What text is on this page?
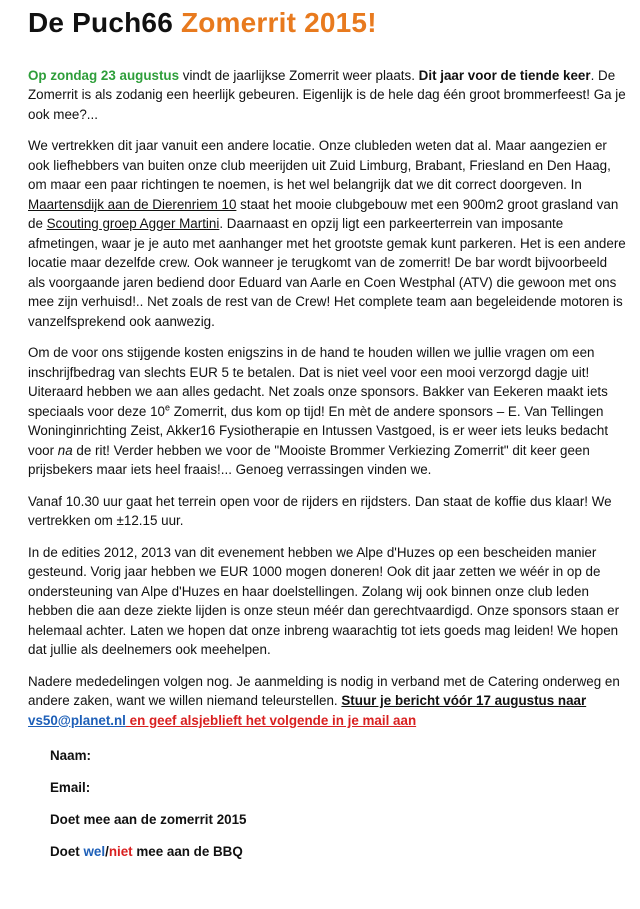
De Puch66 Zomerrit 2015!

Op zondag 23 augustus vindt de jaarlijkse Zomerrit weer plaats. Dit jaar voor de tiende keer. De Zomerrit is als zodanig een heerlijk gebeuren. Eigenlijk is de hele dag één groot brommerfeest! Ga je ook mee?...

We vertrekken dit jaar vanuit een andere locatie. Onze clubleden weten dat al. Maar aangezien er ook liefhebbers van buiten onze club meerijden uit Zuid Limburg, Brabant, Friesland en Den Haag, om maar een paar richtingen te noemen, is het wel belangrijk dat we dit correct doorgeven. In Maartensdijk aan de Dierenriem 10 staat het mooie clubgebouw met een 900m2 groot grasland van de Scouting groep Agger Martini. Daarnaast en opzij ligt een parkeerterrein van imposante afmetingen, waar je je auto met aanhanger met het grootste gemak kunt parkeren. Het is een andere locatie maar dezelfde crew. Ook wanneer je terugkomt van de zomerrit! De bar wordt bijvoorbeeld als voorgaande jaren bediend door Eduard van Aarle en Coen Westphal (ATV) die gewoon met ons mee zijn verhuisd!.. Net zoals de rest van de Crew! Het complete team aan begeleidende motoren is vanzelfsprekend ook aanwezig.

Om de voor ons stijgende kosten enigszins in de hand te houden willen we jullie vragen om een inschrijfbedrag van slechts EUR 5 te betalen. Dat is niet veel voor een mooi verzorgd dagje uit! Uiteraard hebben we aan alles gedacht. Net zoals onze sponsors. Bakker van Eekeren maakt iets speciaals voor deze 10e Zomerrit, dus kom op tijd! En mèt de andere sponsors – E. Van Tellingen Woninginrichting Zeist, Akker16 Fysiotherapie en Intussen Vastgoed, is er weer iets leuks bedacht voor na de rit! Verder hebben we voor de "Mooiste Brommer Verkiezing Zomerrit" dit keer geen prijsbekers maar iets heel fraais!... Genoeg verrassingen vinden we.

Vanaf 10.30 uur gaat het terrein open voor de rijders en rijdsters. Dan staat de koffie dus klaar! We vertrekken om ±12.15 uur.

In de edities 2012, 2013 van dit evenement hebben we Alpe d'Huzes op een bescheiden manier gesteund. Vorig jaar hebben we EUR 1000 mogen doneren! Ook dit jaar zetten we wéér in op de ondersteuning van Alpe d'Huzes en haar doelstellingen. Zolang wij ook binnen onze club leden hebben die aan deze ziekte lijden is onze steun méér dan gerechtvaardigd. Onze sponsors staan er helemaal achter. Laten we hopen dat onze inbreng waarachtig tot iets goeds mag leiden! We hopen dat jullie als deelnemers ook meehelpen.

Nadere mededelingen volgen nog. Je aanmelding is nodig in verband met de Catering onderweg en andere zaken, want we willen niemand teleurstellen. Stuur je bericht vóór 17 augustus naar vs50@planet.nl en geef alsjeblieft het volgende in je mail aan

Naam:
Email:
Doet mee aan de zomerrit 2015
Doet wel/niet mee aan de BBQ
